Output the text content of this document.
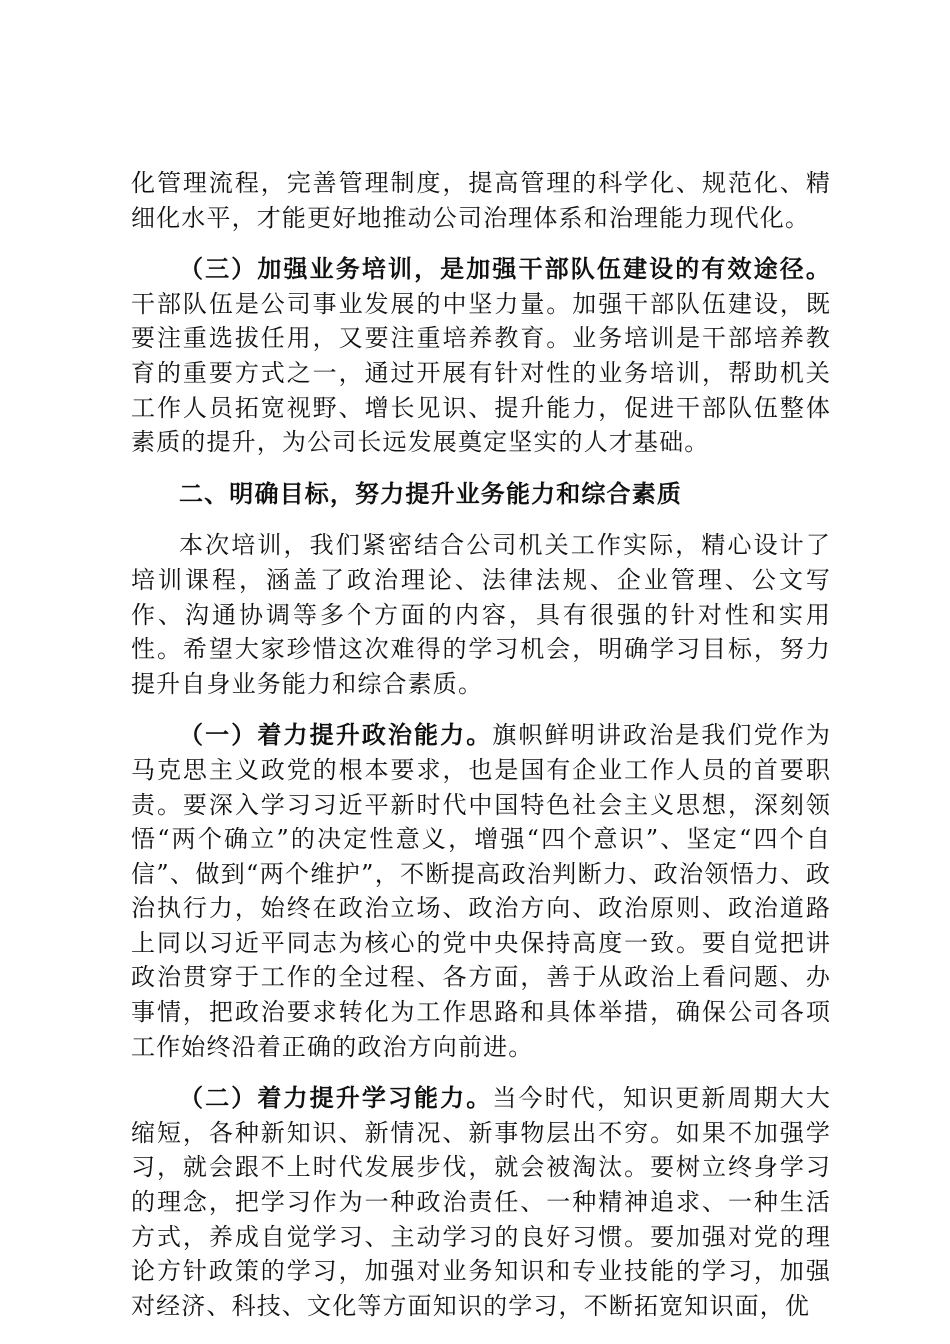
化管理流程，完善管理制度，提高管理的科学化、规范化、精细化水平，才能更好地推动公司治理体系和治理能力现代化。

（三）加强业务培训，是加强干部队伍建设的有效途径。干部队伍是公司事业发展的中坚力量。加强干部队伍建设，既要注重选拔任用，又要注重培养教育。业务培训是干部培养教育的重要方式之一，通过开展有针对性的业务培训，帮助机关工作人员拓宽视野、增长见识、提升能力，促进干部队伍整体素质的提升，为公司长远发展奠定坚实的人才基础。

二、明确目标，努力提升业务能力和综合素质

本次培训，我们紧密结合公司机关工作实际，精心设计了培训课程，涵盖了政治理论、法律法规、企业管理、公文写作、沟通协调等多个方面的内容，具有很强的针对性和实用性。希望大家珍惜这次难得的学习机会，明确学习目标，努力提升自身业务能力和综合素质。

（一）着力提升政治能力。旗帜鲜明讲政治是我们党作为马克思主义政党的根本要求，也是国有企业工作人员的首要职责。要深入学习习近平新时代中国特色社会主义思想，深刻领悟“两个确立”的决定性意义，增强“四个意识”、坚定“四个自信”、做到“两个维护”，不断提高政治判断力、政治领悟力、政治执行力，始终在政治立场、政治方向、政治原则、政治道路上同以习近平同志为核心的党中央保持高度一致。要自觉把讲政治贯穿于工作的全过程、各方面，善于从政治上看问题、办事情，把政治要求转化为工作思路和具体举措，确保公司各项工作始终沿着正确的政治方向前进。

（二）着力提升学习能力。当今时代，知识更新周期大大缩短，各种新知识、新情况、新事物层出不穷。如果不加强学习，就会跟不上时代发展步伐，就会被淘汰。要树立终身学习的理念，把学习作为一种政治责任、一种精神追求、一种生活方式，养成自觉学习、主动学习的良好习惯。要加强对党的理论方针政策的学习，加强对业务知识和专业技能的学习，加强对经济、科技、文化等方面知识的学习，不断拓宽知识面，优
